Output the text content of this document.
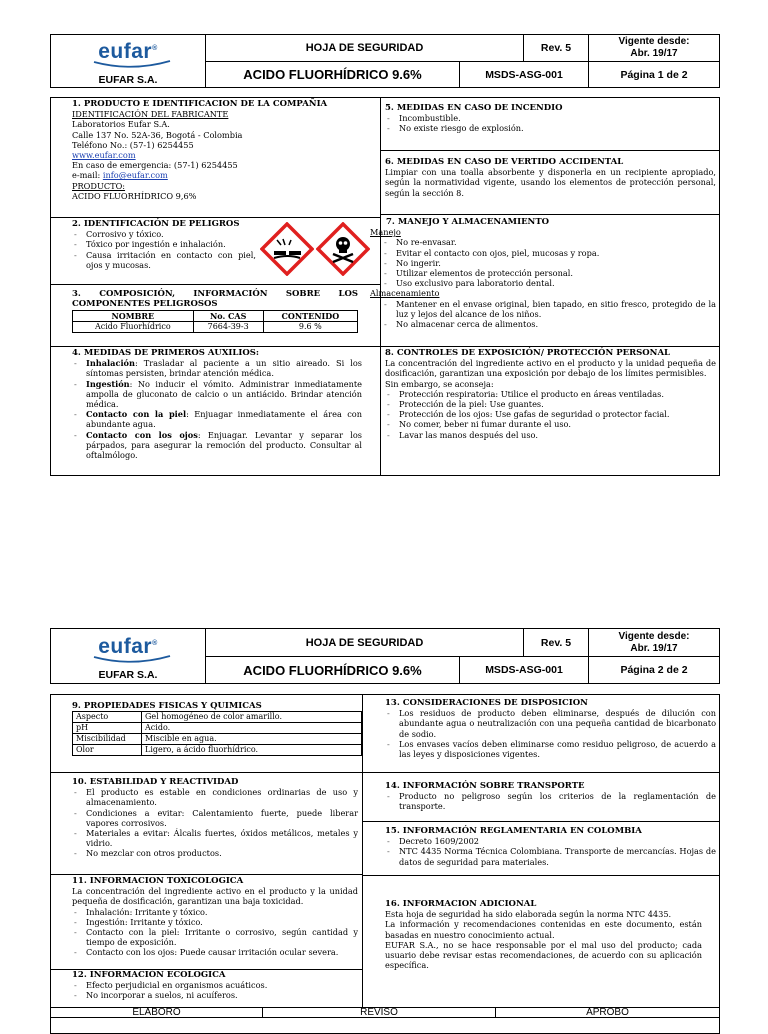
eufar®
EUFAR S.A.
HOJA DE SEGURIDAD	Rev. 5
Vigente desde:
Abr. 19/17
ACIDO FLUORHÍDRICO 9.6%	MSDS-ASG-001	Página 1 de 2
1. PRODUCTO E IDENTIFICACION DE LA COMPAÑIA
IDENTIFICACIÓN DEL FABRICANTE
Laboratorios Eufar S.A.
Calle 137 No. 52A-36, Bogotá - Colombia
Teléfono No.: (57-1) 6254455
www.eufar.com
En caso de emergencia: (57-1) 6254455
e-mail: info@eufar.com
PRODUCTO:
ACIDO FLUORHÍDRICO 9,6%
2. IDENTIFICACIÓN DE PELIGROS
- Corrosivo y tóxico.
- Tóxico por ingestión e inhalación.
- Causa irritación en contacto con piel, ojos y mucosas.
3. COMPOSICIÓN, INFORMACIÓN SOBRE LOS COMPONENTES PELIGROSOS
NOMBRE	No. CAS	CONTENIDO
Acido Fluorhídrico	7664-39-3	9.6 %
4. MEDIDAS DE PRIMEROS AUXILIOS:
- Inhalación: Trasladar al paciente a un sitio aireado. Si los síntomas persisten, brindar atención médica.
- Ingestión: No inducir el vómito. Administrar inmediatamente ampolla de gluconato de calcio o un antiácido. Brindar atención médica.
- Contacto con la piel: Enjuagar inmediatamente el área con abundante agua.
- Contacto con los ojos: Enjuagar. Levantar y separar los párpados, para asegurar la remoción del producto. Consultar al oftalmólogo.
5. MEDIDAS EN CASO DE INCENDIO
- Incombustible.
- No existe riesgo de explosión.
6. MEDIDAS EN CASO DE VERTIDO ACCIDENTAL

Limpiar con una toalla absorbente y disponerla en un recipiente apropiado, según la normatividad vigente, usando los elementos de protección personal, según la sección 8.

7. MANEJO Y ALMACENAMIENTO
Manejo
- No re-envasar.
- Evitar el contacto con ojos, piel, mucosas y ropa.
- No ingerir.
- Utilizar elementos de protección personal.
- Uso exclusivo para laboratorio dental.
Almacenamiento
- Mantener en el envase original, bien tapado, en sitio fresco, protegido de la luz y lejos del alcance de los niños.
- No almacenar cerca de alimentos.
8. CONTROLES DE EXPOSICIÓN/ PROTECCIÓN PERSONAL

La concentración del ingrediente activo en el producto y la unidad pequeña de dosificación, garantizan una exposición por debajo de los límites permisibles.

Sin embargo, se aconseja:

- Protección respiratoria: Utilice el producto en áreas ventiladas.
- Protección de la piel: Use guantes.
- Protección de los ojos: Use gafas de seguridad o protector facial.
- No comer, beber ni fumar durante el uso.
- Lavar las manos después del uso.
eufar®
EUFAR S.A.
HOJA DE SEGURIDAD	Rev. 5
Vigente desde:
Abr. 19/17
ACIDO FLUORHÍDRICO 9.6%	MSDS-ASG-001	Página 2 de 2
9. PROPIEDADES FISICAS Y QUIMICAS
Aspecto	Gel homogéneo de color amarillo.
pH	Acido.
Miscibilidad	Miscible en agua.
Olor	Ligero, a ácido fluorhídrico.
10. ESTABILIDAD Y REACTIVIDAD
- El producto es estable en condiciones ordinarias de uso y almacenamiento.
- Condiciones a evitar: Calentamiento fuerte, puede liberar vapores corrosivos.
- Materiales a evitar: Álcalis fuertes, óxidos metálicos, metales y vidrio.
- No mezclar con otros productos.
11. INFORMACION TOXICOLOGICA

La concentración del ingrediente activo en el producto y la unidad pequeña de dosificación, garantizan una baja toxicidad.

- Inhalación: Irritante y tóxico.
- Ingestión: Irritante y tóxico.
- Contacto con la piel: Irritante o corrosivo, según cantidad y tiempo de exposición.
- Contacto con los ojos: Puede causar irritación ocular severa.
12. INFORMACIÓN ECOLOGICA
- Efecto perjudicial en organismos acuáticos.
- No incorporar a suelos, ni acuíferos.
13. CONSIDERACIONES DE DISPOSICION
- Los residuos de producto deben eliminarse, después de dilución con abundante agua o neutralización con una pequeña cantidad de bicarbonato de sodio.
- Los envases vacíos deben eliminarse como residuo peligroso, de acuerdo a las leyes y disposiciones vigentes.
14. INFORMACIÓN SOBRE TRANSPORTE
- Producto no peligroso según los criterios de la reglamentación de transporte.
15. INFORMACIÓN REGLAMENTARIA EN COLOMBIA
- Decreto 1609/2002
- NTC 4435 Norma Técnica Colombiana. Transporte de mercancías. Hojas de datos de seguridad para materiales.
16. INFORMACION ADICIONAL

Esta hoja de seguridad ha sido elaborada según la norma NTC 4435.

La información y recomendaciones contenidas en este documento, están basadas en nuestro conocimiento actual.

EUFAR S.A., no se hace responsable por el mal uso del producto; cada usuario debe revisar estas recomendaciones, de acuerdo con su aplicación específica.

ELABORO	REVISO	APROBO
